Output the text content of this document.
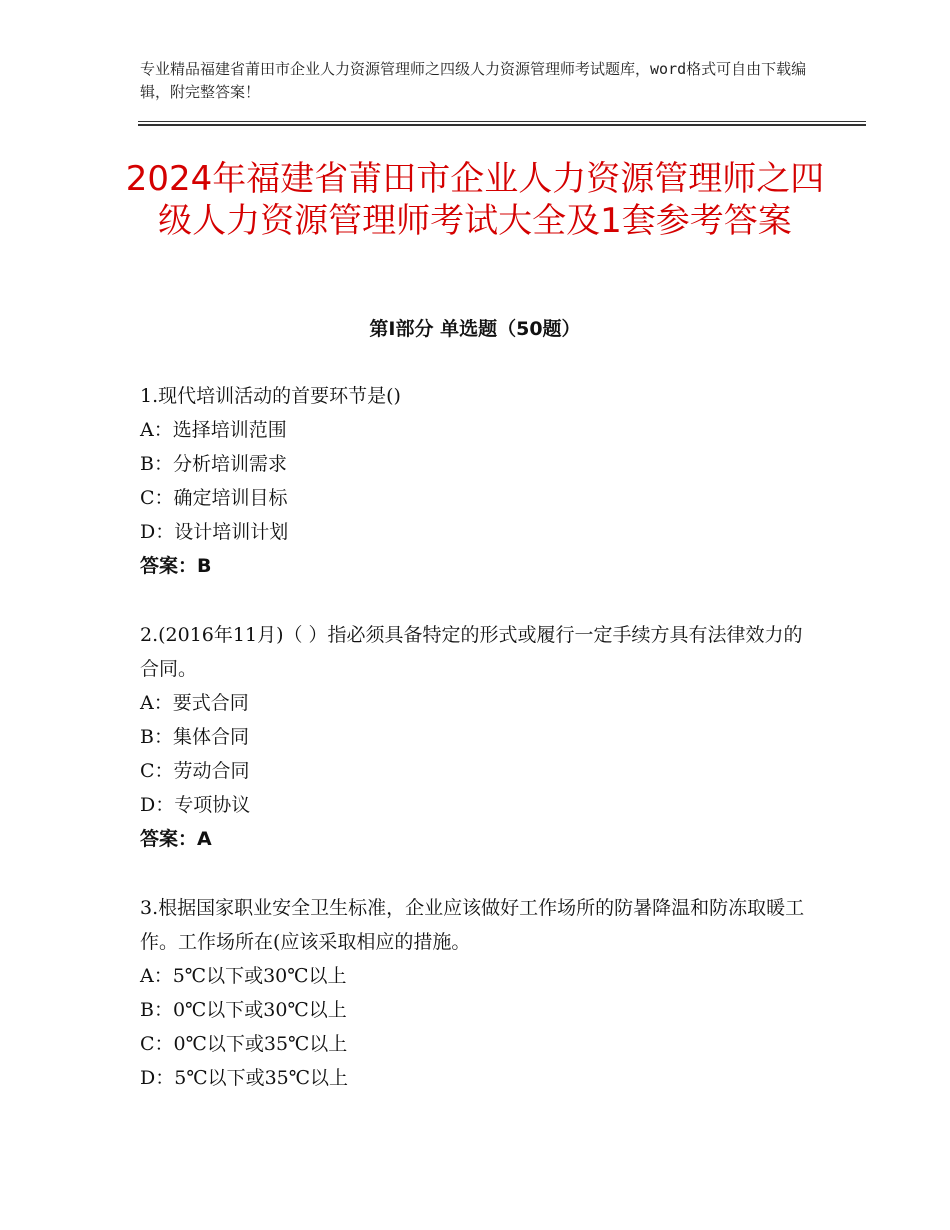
专业精品福建省莆田市企业人力资源管理师之四级人力资源管理师考试题库，word格式可自由下载编辑，附完整答案！
2024年福建省莆田市企业人力资源管理师之四级人力资源管理师考试大全及1套参考答案
第Ⅰ部分 单选题（50题）
1.现代培训活动的首要环节是()
A：选择培训范围
B：分析培训需求
C：确定培训目标
D：设计培训计划
答案：B
2.(2016年11月)（ ）指必须具备特定的形式或履行一定手续方具有法律效力的合同。
A：要式合同
B：集体合同
C：劳动合同
D：专项协议
答案：A
3.根据国家职业安全卫生标准，企业应该做好工作场所的防暑降温和防冻取暖工作。工作场所在(应该采取相应的措施。
A：5℃以下或30℃以上
B：0℃以下或30℃以上
C：0℃以下或35℃以上
D：5℃以下或35℃以上
